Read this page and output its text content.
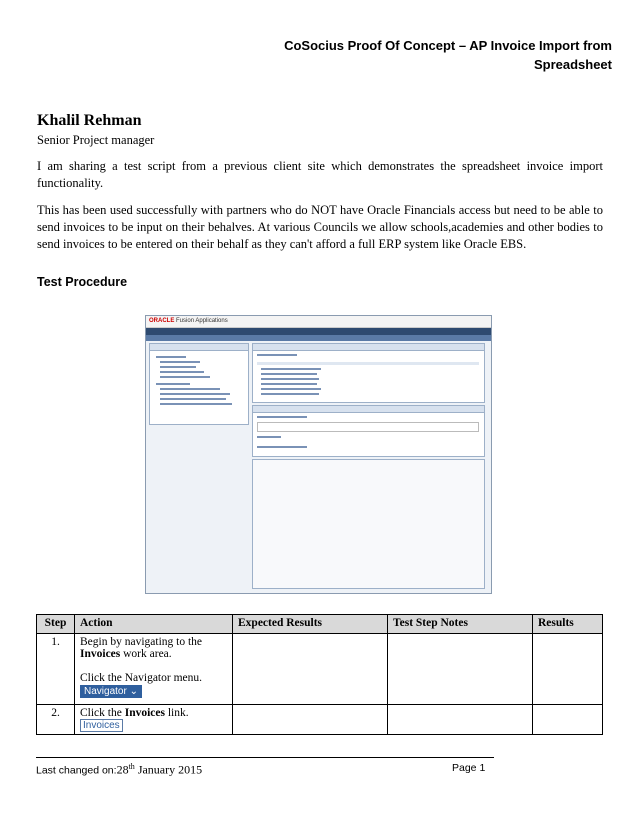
CoSocius Proof Of Concept – AP Invoice Import from
Spreadsheet
Khalil Rehman
Senior Project manager
I am sharing a test script from a previous client site which demonstrates the spreadsheet invoice import functionality.
This has been used successfully with partners who do NOT have Oracle Financials access but need to be able to send invoices to be input on their behalves. At various Councils we allow schools,academies and other bodies to send invoices to be entered on their behalf as they can't afford a full ERP system like Oracle EBS.
Test Procedure
ORACLE Fusion Applications
Step	Action	Expected Results	Test Step Notes	Results
1.	Begin by navigating to the Invoices work area.
Click the Navigator menu.
Navigator ⌄			
2.	Click the Invoices link.
Invoices			
Last changed on:28th January 2015	Page 1
